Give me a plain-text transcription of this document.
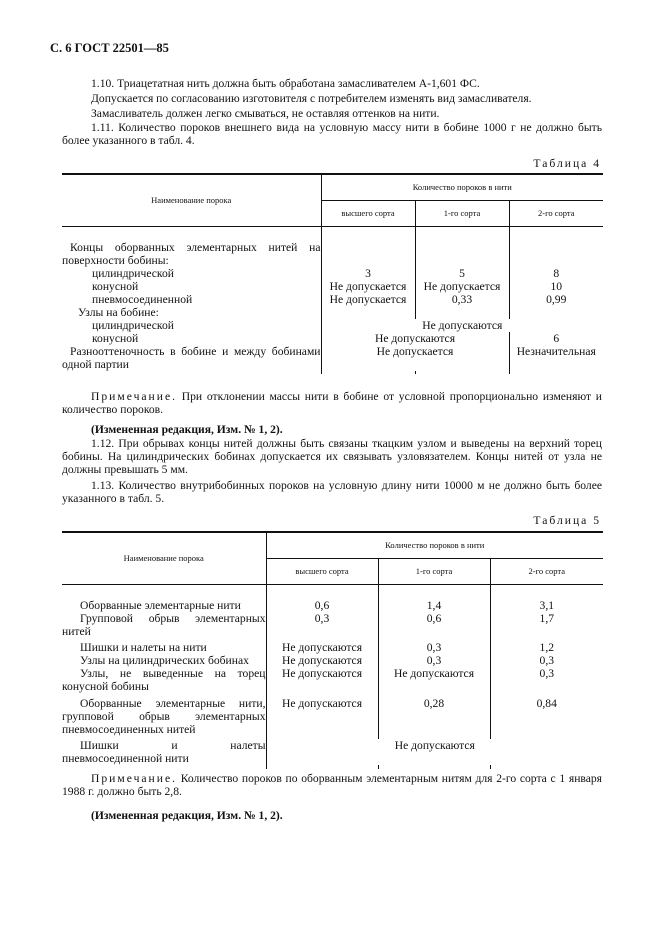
С. 6 ГОСТ 22501—85
1.10. Триацетатная нить должна быть обработана замасливателем А-1,601 ФС.
Допускается по согласованию изготовителя с потребителем изменять вид замасливателя.
Замасливатель должен легко смываться, не оставляя оттенков на нити.
1.11. Количество пороков внешнего вида на условную массу нити в бобине 1000 г не должно быть более указанного в табл. 4.
Таблица 4
Наименование порока	Количество пороков в нити		
	высшего сорта	1-го сорта	2-го сорта

Концы оборванных элементарных нитей на поверхности бобины:			
цилиндрической	3	5	8
конусной	Не допускается	Не допускается	10
пневмосоединенной	Не допускается	0,33	0,99
Узлы на бобине:			
цилиндрической	Не допускаются		
конусной	Не допускаются		6
Разнооттеночность в бобине и между бобинами одной партии	Не допускается		Незначительная

Примечание. При отклонении массы нити в бобине от условной пропорционально изменяют и количество пороков.
(Измененная редакция, Изм. № 1, 2).
1.12. При обрывах концы нитей должны быть связаны ткацким узлом и выведены на верхний торец бобины. На цилиндрических бобинах допускается их связывать узловязателем. Концы нитей от узла не должны превышать 5 мм.
1.13. Количество внутрибобинных пороков на условную длину нити 10000 м не должно быть более указанного в табл. 5.
Таблица 5
Наименование порока	Количество пороков в нити		
	высшего сорта	1-го сорта	2-го сорта

Оборванные элементарные нити	0,6	1,4	3,1
Групповой обрыв элементарных нитей	0,3	0,6	1,7
Шишки и налеты на нити	Не допускаются	0,3	1,2
Узлы на цилиндрических бобинах	Не допускаются	0,3	0,3
Узлы, не выведенные на торец конусной бобины	Не допускаются	Не допускаются	0,3
Оборванные элементарные нити, групповой обрыв элементарных пневмосоединенных нитей	Не допускаются	0,28	0,84
Шишки и налеты пневмосоединенной нити	Не допускаются		

Примечание. Количество пороков по оборванным элементарным нитям для 2-го сорта с 1 января 1988 г. должно быть 2,8.
(Измененная редакция, Изм. № 1, 2).
